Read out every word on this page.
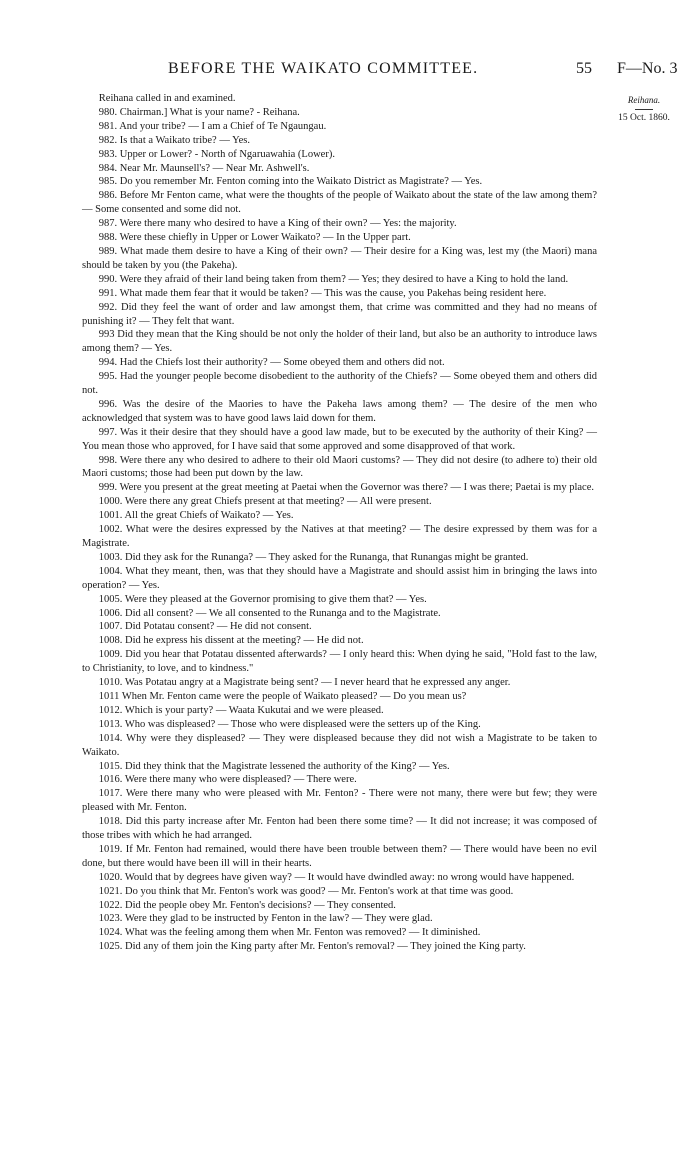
BEFORE THE WAIKATO COMMITTEE.	55 F—No. 3
Reihana.
15 Oct. 1860.

Reihana called in and examined.

980. Chairman.] What is your name? - Reihana.

981. And your tribe? — I am a Chief of Te Ngaungau.

982. Is that a Waikato tribe? — Yes.

983. Upper or Lower? - North of Ngaruawahia (Lower).

984. Near Mr. Maunsell's? — Near Mr. Ashwell's.

985. Do you remember Mr. Fenton coming into the Waikato District as Magistrate? — Yes.

986. Before Mr Fenton came, what were the thoughts of the people of Waikato about the state of the law among them? — Some consented and some did not.

987. Were there many who desired to have a King of their own? — Yes: the majority.

988. Were these chiefly in Upper or Lower Waikato? — In the Upper part.

989. What made them desire to have a King of their own? — Their desire for a King was, lest my (the Maori) mana should be taken by you (the Pakeha).

990. Were they afraid of their land being taken from them? — Yes; they desired to have a King to hold the land.

991. What made them fear that it would be taken? — This was the cause, you Pakehas being resident here.

992. Did they feel the want of order and law amongst them, that crime was committed and they had no means of punishing it? — They felt that want.

993 Did they mean that the King should be not only the holder of their land, but also be an authority to introduce laws among them? — Yes.

994. Had the Chiefs lost their authority? — Some obeyed them and others did not.

995. Had the younger people become disobedient to the authority of the Chiefs? — Some obeyed them and others did not.

996. Was the desire of the Maories to have the Pakeha laws among them? — The desire of the men who acknowledged that system was to have good laws laid down for them.

997. Was it their desire that they should have a good law made, but to be executed by the authority of their King? — You mean those who approved, for I have said that some approved and some disapproved of that work.

998. Were there any who desired to adhere to their old Maori customs? — They did not desire (to adhere to) their old Maori customs; those had been put down by the law.

999. Were you present at the great meeting at Paetai when the Governor was there? — I was there; Paetai is my place.

1000. Were there any great Chiefs present at that meeting? — All were present.

1001. All the great Chiefs of Waikato? — Yes.

1002. What were the desires expressed by the Natives at that meeting? — The desire expressed by them was for a Magistrate.

1003. Did they ask for the Runanga? — They asked for the Runanga, that Runangas might be granted.

1004. What they meant, then, was that they should have a Magistrate and should assist him in bringing the laws into operation? — Yes.

1005. Were they pleased at the Governor promising to give them that? — Yes.

1006. Did all consent? — We all consented to the Runanga and to the Magistrate.

1007. Did Potatau consent? — He did not consent.

1008. Did he express his dissent at the meeting? — He did not.

1009. Did you hear that Potatau dissented afterwards? — I only heard this: When dying he said, "Hold fast to the law, to Christianity, to love, and to kindness."

1010. Was Potatau angry at a Magistrate being sent? — I never heard that he expressed any anger.

1011 When Mr. Fenton came were the people of Waikato pleased? — Do you mean us?

1012. Which is your party? — Waata Kukutai and we were pleased.

1013. Who was displeased? — Those who were displeased were the setters up of the King.

1014. Why were they displeased? — They were displeased because they did not wish a Magistrate to be taken to Waikato.

1015. Did they think that the Magistrate lessened the authority of the King? — Yes.

1016. Were there many who were displeased? — There were.

1017. Were there many who were pleased with Mr. Fenton? - There were not many, there were but few; they were pleased with Mr. Fenton.

1018. Did this party increase after Mr. Fenton had been there some time? — It did not increase; it was composed of those tribes with which he had arranged.

1019. If Mr. Fenton had remained, would there have been trouble between them? — There would have been no evil done, but there would have been ill will in their hearts.

1020. Would that by degrees have given way? — It would have dwindled away: no wrong would have happened.

1021. Do you think that Mr. Fenton's work was good? — Mr. Fenton's work at that time was good.

1022. Did the people obey Mr. Fenton's decisions? — They consented.

1023. Were they glad to be instructed by Fenton in the law? — They were glad.

1024. What was the feeling among them when Mr. Fenton was removed? — It diminished.

1025. Did any of them join the King party after Mr. Fenton's removal? — They joined the King party.
